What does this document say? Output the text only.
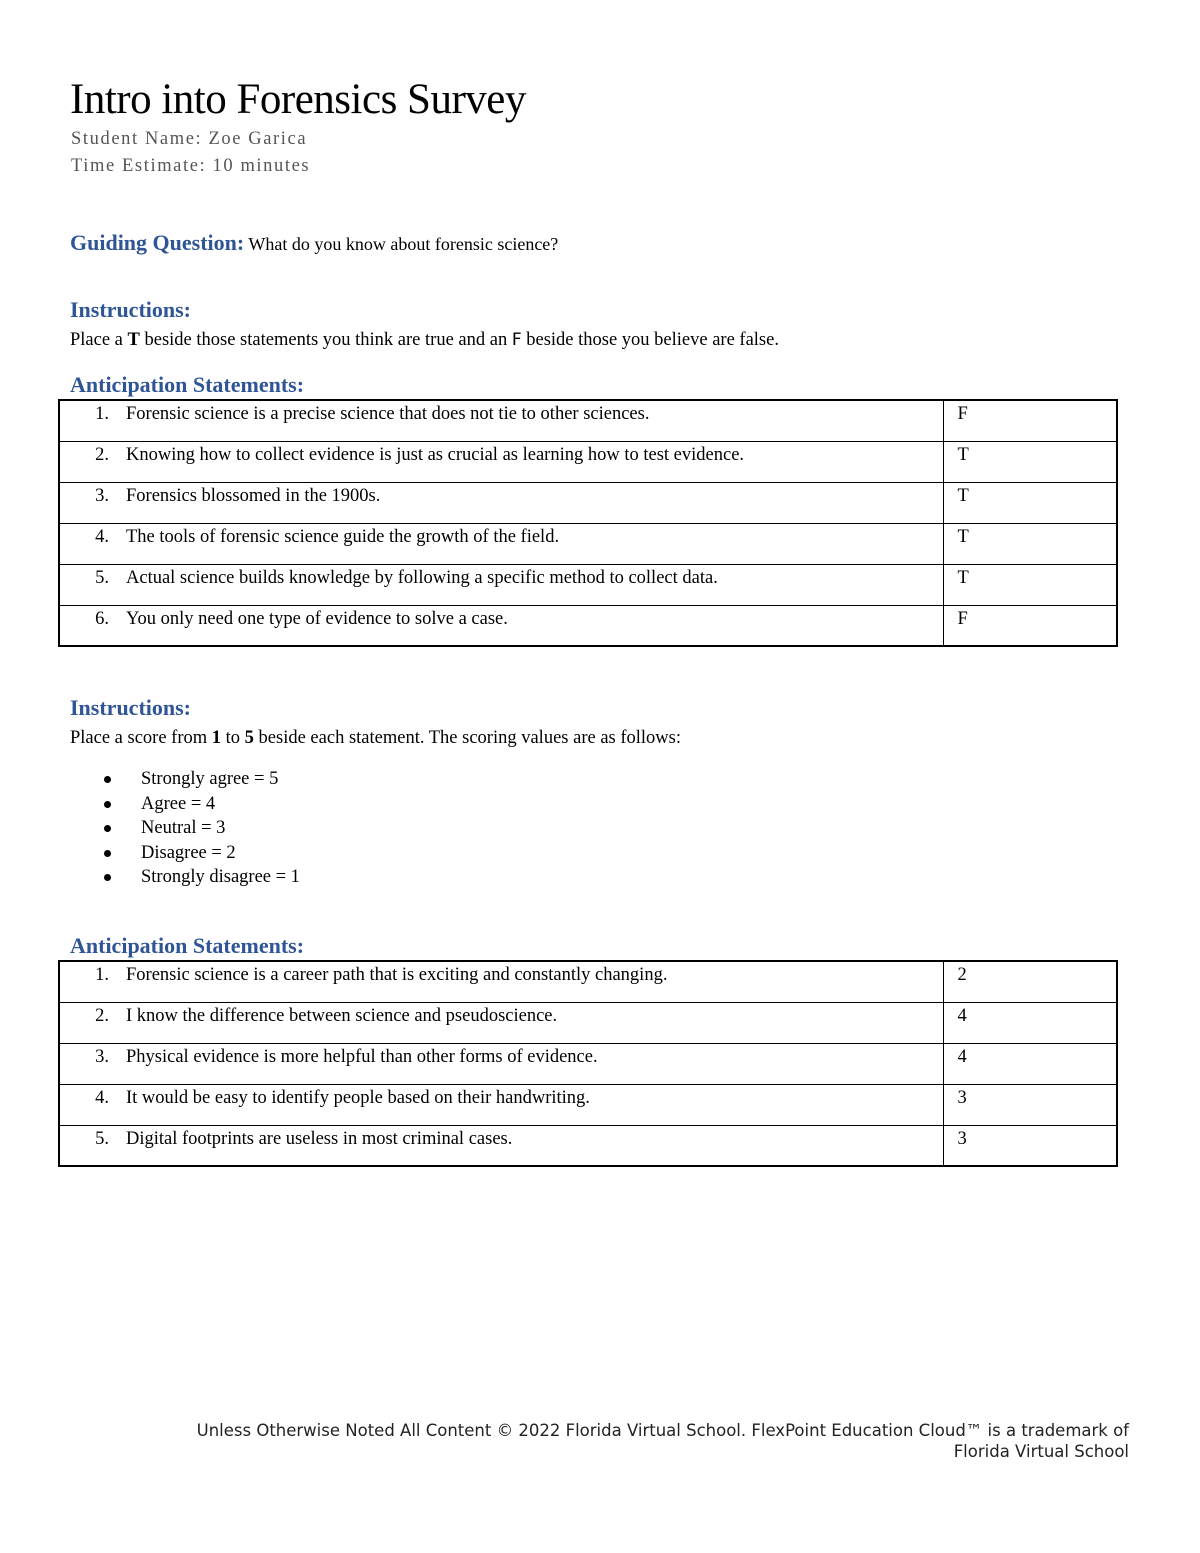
Intro into Forensics Survey
Student Name: Zoe Garica
Time Estimate: 10 minutes
Guiding Question: What do you know about forensic science?
Instructions:
Place a T beside those statements you think are true and an F beside those you believe are false.
Anticipation Statements:
1. Forensic science is a precise science that does not tie to other sciences.	F
2. Knowing how to collect evidence is just as crucial as learning how to test evidence.	T
3. Forensics blossomed in the 1900s.	T
4. The tools of forensic science guide the growth of the field.	T
5. Actual science builds knowledge by following a specific method to collect data.	T
6. You only need one type of evidence to solve a case.	F
Instructions:
Place a score from 1 to 5 beside each statement. The scoring values are as follows:
Strongly agree = 5
Agree = 4
Neutral = 3
Disagree = 2
Strongly disagree = 1
Anticipation Statements:
1. Forensic science is a career path that is exciting and constantly changing.	2
2. I know the difference between science and pseudoscience.	4
3. Physical evidence is more helpful than other forms of evidence.	4
4. It would be easy to identify people based on their handwriting.	3
5. Digital footprints are useless in most criminal cases.	3
Unless Otherwise Noted All Content © 2022 Florida Virtual School. FlexPoint Education Cloud™ is a trademark of
Florida Virtual School
